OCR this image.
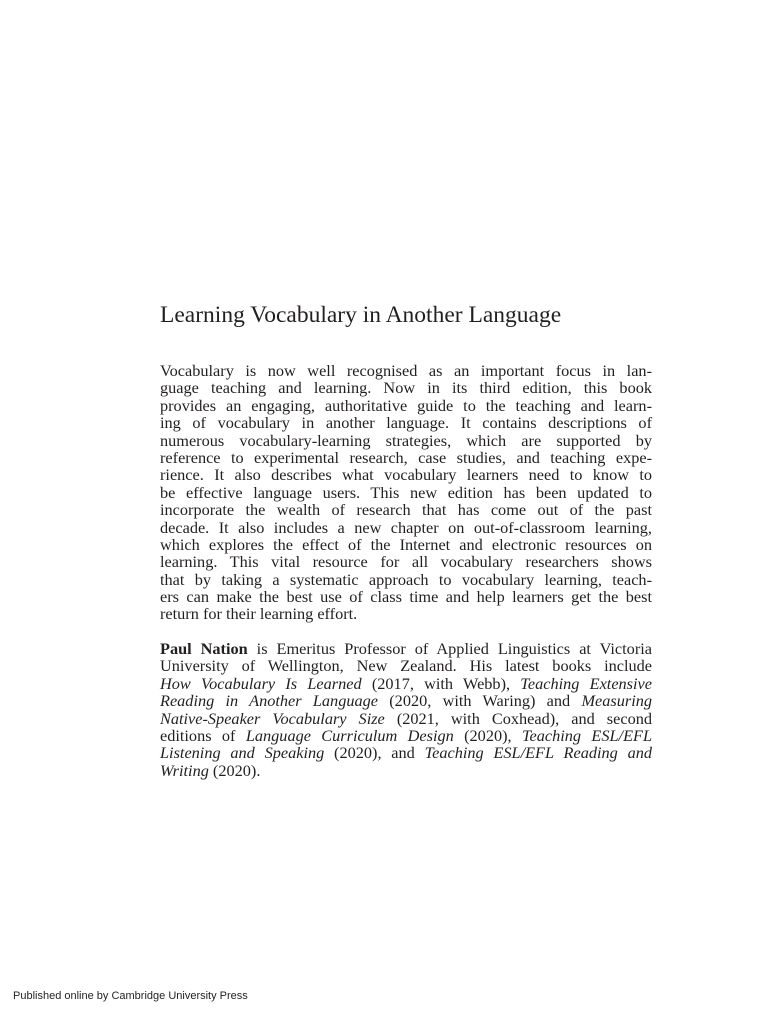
Learning Vocabulary in Another Language
Vocabulary is now well recognised as an important focus in lan-
guage teaching and learning. Now in its third edition, this book
provides an engaging, authoritative guide to the teaching and learn-
ing of vocabulary in another language. It contains descriptions of
numerous vocabulary-learning strategies, which are supported by
reference to experimental research, case studies, and teaching expe-
rience. It also describes what vocabulary learners need to know to
be effective language users. This new edition has been updated to
incorporate the wealth of research that has come out of the past
decade. It also includes a new chapter on out-of-classroom learning,
which explores the effect of the Internet and electronic resources on
learning. This vital resource for all vocabulary researchers shows
that by taking a systematic approach to vocabulary learning, teach-
ers can make the best use of class time and help learners get the best
return for their learning effort.
Paul Nation is Emeritus Professor of Applied Linguistics at Victoria
University of Wellington, New Zealand. His latest books include
How Vocabulary Is Learned (2017, with Webb), Teaching Extensive
Reading in Another Language (2020, with Waring) and Measuring
Native-Speaker Vocabulary Size (2021, with Coxhead), and second
editions of Language Curriculum Design (2020), Teaching ESL/EFL
Listening and Speaking (2020), and Teaching ESL/EFL Reading and
Writing (2020).

Published online by Cambridge University Press
